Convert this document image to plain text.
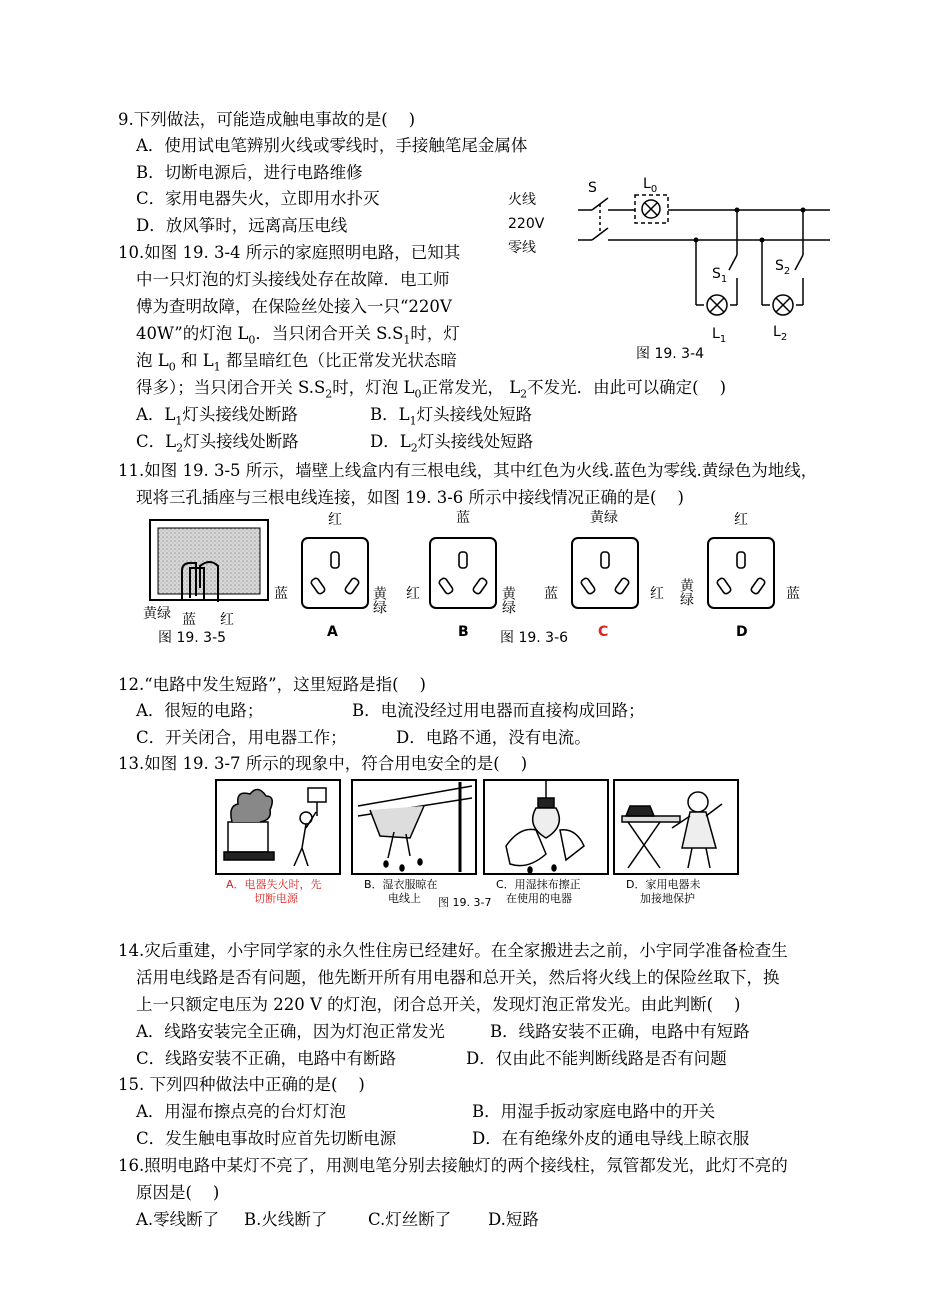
9.下列做法，可能造成触电事故的是(    )
A．使用试电笔辨别火线或零线时，手接触笔尾金属体
B．切断电源后，进行电路维修
C．家用电器失火，立即用水扑灭
D．放风筝时，远离高压电线
10.如图 19. 3-4 所示的家庭照明电路，已知其
中一只灯泡的灯头接线处存在故障．电工师
傅为查明故障，在保险丝处接入一只“220V
40W”的灯泡 $L_0$．当只闭合开关 $S.S_1$时，灯
泡 $L_0$ 和 $L_1$ 都呈暗红色（比正常发光状态暗
得多）；当只闭合开关 $S.S_2$时，灯泡 $L_0$正常发光， $L_2$不发光．由此可以确定(    )
A．$L_1$灯头接线处断路	B．$L_1$灯头接线处短路
C．$L_2$灯头接线处断路	D．$L_2$灯头接线处短路
火线
220V
零线
S	$L_0$
$S_1$
$S_2$
$L_1$	$L_2$
图 19. 3-4
11.如图 19. 3-5 所示，墙壁上线盒内有三根电线，其中红色为火线.蓝色为零线.黄绿色为地线，
现将三孔插座与三根电线连接，如图 19. 3-6 所示中接线情况正确的是(    )
黄绿 蓝 红
图 19. 3-5
红
蓝	黄绿
A
蓝
红	黄绿
B
黄绿
蓝	红
图 19. 3-6 C
红
黄绿	蓝
D
12.“电路中发生短路”，这里短路是指(    )
A．很短的电路；	B．电流没经过用电器而直接构成回路；
C．开关闭合，用电器工作；	D．电路不通，没有电流。
13.如图 19. 3-7 所示的现象中，符合用电安全的是(    )
A．电器失火时，先
切断电源
B．湿衣服晾在
电线上 图 19. 3-7
C．用湿抹布擦正
在使用的电器
D．家用电器未
加接地保护
14.灾后重建，小宇同学家的永久性住房已经建好。在全家搬进去之前，小宇同学准备检查生
活用电线路是否有问题，他先断开所有用电器和总开关，然后将火线上的保险丝取下，换
上一只额定电压为 220 V 的灯泡，闭合总开关，发现灯泡正常发光。由此判断(    )
A．线路安装完全正确，因为灯泡正常发光	B．线路安装不正确，电路中有短路
C．线路安装不正确，电路中有断路	D．仅由此不能判断线路是否有问题
15. 下列四种做法中正确的是(    )
A．用湿布擦点亮的台灯灯泡	B．用湿手扳动家庭电路中的开关
C．发生触电事故时应首先切断电源	D．在有绝缘外皮的通电导线上晾衣服
16.照明电路中某灯不亮了，用测电笔分别去接触灯的两个接线柱，氖管都发光，此灯不亮的
原因是(    )
A.零线断了 B.火线断了 C.灯丝断了 D.短路
